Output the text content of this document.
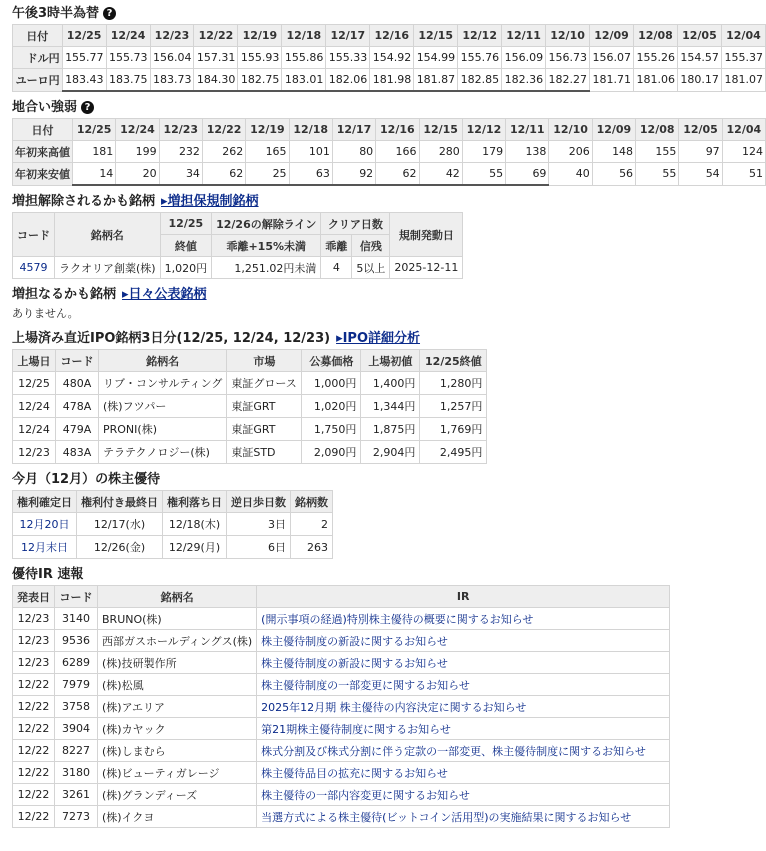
午後3時半為替 ?
日付	12/25	12/24	12/23	12/22	12/19	12/18	12/17	12/16	12/15	12/12	12/11	12/10	12/09	12/08	12/05	12/04
ドル円	155.77	155.73	156.04	157.31	155.93	155.86	155.33	154.92	154.99	155.76	156.09	156.73	156.07	155.26	154.57	155.37
ユーロ円	183.43	183.75	183.73	184.30	182.75	183.01	182.06	181.98	181.87	182.85	182.36	182.27	181.71	181.06	180.17	181.07
地合い強弱 ?
日付	12/25	12/24	12/23	12/22	12/19	12/18	12/17	12/16	12/15	12/12	12/11	12/10	12/09	12/08	12/05	12/04
年初来高値	181	199	232	262	165	101	80	166	280	179	138	206	148	155	97	124
年初来安値	14	20	34	62	25	63	92	62	42	55	69	40	56	55	54	51
増担解除されるかも銘柄 ▸増担保規制銘柄
コード	銘柄名	12/25	12/26の解除ライン	クリア日数		規制発動日
		終値	乖離+15%未満	乖離	信残	
4579	ラクオリア創薬(株)	1,020円	1,251.02円未満	4	5以上	2025-12-11
増担なるかも銘柄 ▸日々公表銘柄
ありません。
上場済み直近IPO銘柄3日分(12/25, 12/24, 12/23) ▸IPO詳細分析
上場日	コード	銘柄名	市場	公募価格	上場初値	12/25終値
12/25	480A	リブ・コンサルティング	東証グロース	1,000円	1,400円	1,280円
12/24	478A	(株)フツパー	東証GRT	1,020円	1,344円	1,257円
12/24	479A	PRONI(株)	東証GRT	1,750円	1,875円	1,769円
12/23	483A	テラテクノロジー(株)	東証STD	2,090円	2,904円	2,495円
今月（12月）の株主優待
権利確定日	権利付き最終日	権利落ち日	逆日歩日数	銘柄数
12月20日	12/17(水)	12/18(木)	3日	2
12月末日	12/26(金)	12/29(月)	6日	263
優待IR 速報
発表日	コード	銘柄名	IR
12/23	3140	BRUNO(株)	(開示事項の経過)特別株主優待の概要に関するお知らせ
12/23	9536	西部ガスホールディングス(株)	株主優待制度の新設に関するお知らせ
12/23	6289	(株)技研製作所	株主優待制度の新設に関するお知らせ
12/22	7979	(株)松風	株主優待制度の一部変更に関するお知らせ
12/22	3758	(株)アエリア	2025年12月期 株主優待の内容決定に関するお知らせ
12/22	3904	(株)カヤック	第21期株主優待制度に関するお知らせ
12/22	8227	(株)しまむら	株式分割及び株式分割に伴う定款の一部変更、株主優待制度に関するお知らせ
12/22	3180	(株)ビューティガレージ	株主優待品目の拡充に関するお知らせ
12/22	3261	(株)グランディーズ	株主優待の一部内容変更に関するお知らせ
12/22	7273	(株)イクヨ	当選方式による株主優待(ビットコイン活用型)の実施結果に関するお知らせ
